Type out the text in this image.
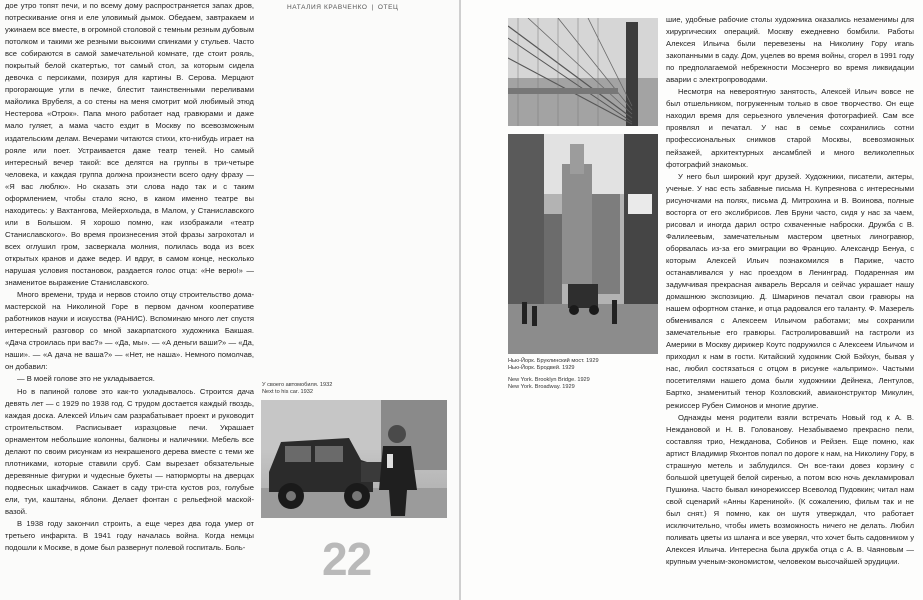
НАТАЛИЯ КРАВЧЕНКО | ОТЕЦ

дое утро топят печи, и по всему дому распространяется запах дров, потрескивание огня и еле уловимый дымок. Обедаем, завтракаем и ужинаем все вместе, в огромной столовой с темным резным дубовым потолком и такими же резными высокими спинками у стульев. Часто все собираются в самой замечательной комнате, где стоит рояль, покрытый белой скатертью, тот самый стол, за которым сидела девочка с персиками, позируя для картины В. Серова. Мерцают прогорающие угли в печке, блестит таинственными переливами майолика Врубеля, а со стены на меня смотрит мой любимый этюд Нестерова «Отрок». Папа много работает над гравюрами и даже мало гуляет, а мама часто ездит в Москву по всевозможным издательским делам. Вечерами читаются стихи, кто-нибудь играет на рояле или поет. Устраивается даже театр теней. Но самый интересный вечер такой: все делятся на группы в три-четыре человека, и каждая группа должна произнести всего одну фразу — «Я вас люблю». Но сказать эти слова надо так и с таким оформлением, чтобы стало ясно, в каком именно театре вы находитесь: у Вахтангова, Мейерхольда, в Малом, у Станиславского или в Большом. Я хорошо помню, как изображали «театр Станиславского». Во время произнесения этой фразы загрохотал и всех оглушил гром, засверкала молния, полилась вода из всех открытых кранов и даже ведер. И вдруг, в самом конце, несколько нарушая условия постановок, раздается голос отца: «Не верю!» — знаменитое выражение Станиславского.

Много времени, труда и нервов стоило отцу строительство дома-мастерской на Николиной Горе в первом дачном кооперативе работников науки и искусства (РАНИС). Вспоминаю много лет спустя интересный разговор со мной закарпатского художника Бакшая. «Дача строилась при вас?» — «Да, мы». — «А деньги ваши?» — «Да, наши». — «А дача не ваша?» — «Нет, не наша». Немного помолчав, он добавил:

— В моей голове это не укладывается.

Но в папиной голове это как-то укладывалось. Строится дача девять лет — с 1929 по 1938 год. С трудом достается каждый гвоздь, каждая доска. Алексей Ильич сам разрабатывает проект и руководит строительством. Расписывает изразцовые печи. Украшает орнаментом небольшие колонны, балконы и наличники. Мебель все делают по своим рисункам из некрашеного дерева вместе с теми же плотниками, которые ставили сруб. Сам вырезает обязательные деревянные фигурки и чудесные букеты — натюрморты на дверцах подвесных шкафчиков. Сажает в саду три-ста кустов роз, голубые ели, туи, каштаны, яблони. Делает фонтан с рельефной маской-вазой.

В 1938 году закончил строить, а еще через два года умер от третьего инфаркта. В 1941 году началась война. Когда немцы подошли к Москве, в доме был развернут полевой госпиталь. Боль-

У своего автомобиля. 1932
Next to his car. 1932
22
Нью-Йорк. Бруклинский мост. 1929
Нью-Йорк. Бродвей. 1929
New York. Brooklyn Bridge. 1929
New York. Broadway. 1929

шие, удобные рабочие столы художника оказались незаменимы для хирургических операций. Москву ежедневно бомбили. Работы Алексея Ильича были перевезены на Николину Гору иranь закопанными в саду. Дом, уцелев во время войны, сгорел в 1991 году по предполагаемой небрежности Мосэнерго во время ликвидации аварии с электропроводами.

Несмотря на невероятную занятость, Алексей Ильич вовсе не был отшельником, погруженным только в свое творчество. Он еще находил время для серьезного увлечения фотографией. Сам все проявлял и печатал. У нас в семье сохранились сотни профессиональных снимков старой Москвы, всевозможных пейзажей, архитектурных ансамблей и много великолепных фотографий знакомых.

У него был широкий круг друзей. Художники, писатели, актеры, ученые. У нас есть забавные письма Н. Купреянова с интересными рисуночками на полях, письма Д. Митрохина и В. Воинова, полные восторга от его экслибрисов. Лев Бруни часто, сидя у нас за чаем, рисовал и иногда дарил остро схваченные наброски. Дружба с В. Фалилеевым, замечательным мастером цветных линогравюр, оборвалась из-за его эмиграции во Францию. Александр Бенуа, с которым Алексей Ильич познакомился в Париже, часто останавливался у нас проездом в Ленинград. Подаренная им задумчивая прекрасная акварель Версаля и сейчас украшает нашу домашнюю экспозицию. Д. Шмаринов печатал свои гравюры на нашем офортном станке, и отца радовался его таланту. Ф. Мазерель обменивался с Алексеем Ильичом работами; мы сохранили замечательные его гравюры. Гастролировавший на гастроли из Америки в Москву дирижер Коутс подружился с Алексеем Ильичом и приходил к нам в гости. Китайский художник Сюй Бэйхун, бывая у нас, любил состязаться с отцом в рисунке «альпримо». Частыми посетителями нашего дома были художники Дейнека, Лентулов, Бартко, знаменитый тенор Козловский, авиаконструктор Микулин, режиссер Рубен Симонов и многие другие.

Однажды меня родители взяли встречать Новый год к А. В. Неждановой и Н. В. Головановy. Незабываемо прекрасно пели, составляя трио, Нежданова, Собинов и Рейзен. Еще помню, как артист Владимир Яхонтов попал по дороге к нам, на Николину Гору, в страшную метель и заблудился. Он все-таки довез корзину с большой цветущей белой сиренью, а потом всю ночь декламировал Пушкина. Часто бывал кинорежиссер Всеволод Пудовкин; читал нам свой сценарий «Анны Карениной». (К сожалению, фильм так и не был снят.) Я помню, как он шутя утверждал, что работает исключительно, чтобы иметь возможность ничего не делать. Любил поливать цветы из шланга и все уверял, что хочет быть садовником у Алексея Ильича. Интересна была дружба отца с А. В. Чаяновым — крупным ученым-экономистом, человеком высочайшей эрудиции.
